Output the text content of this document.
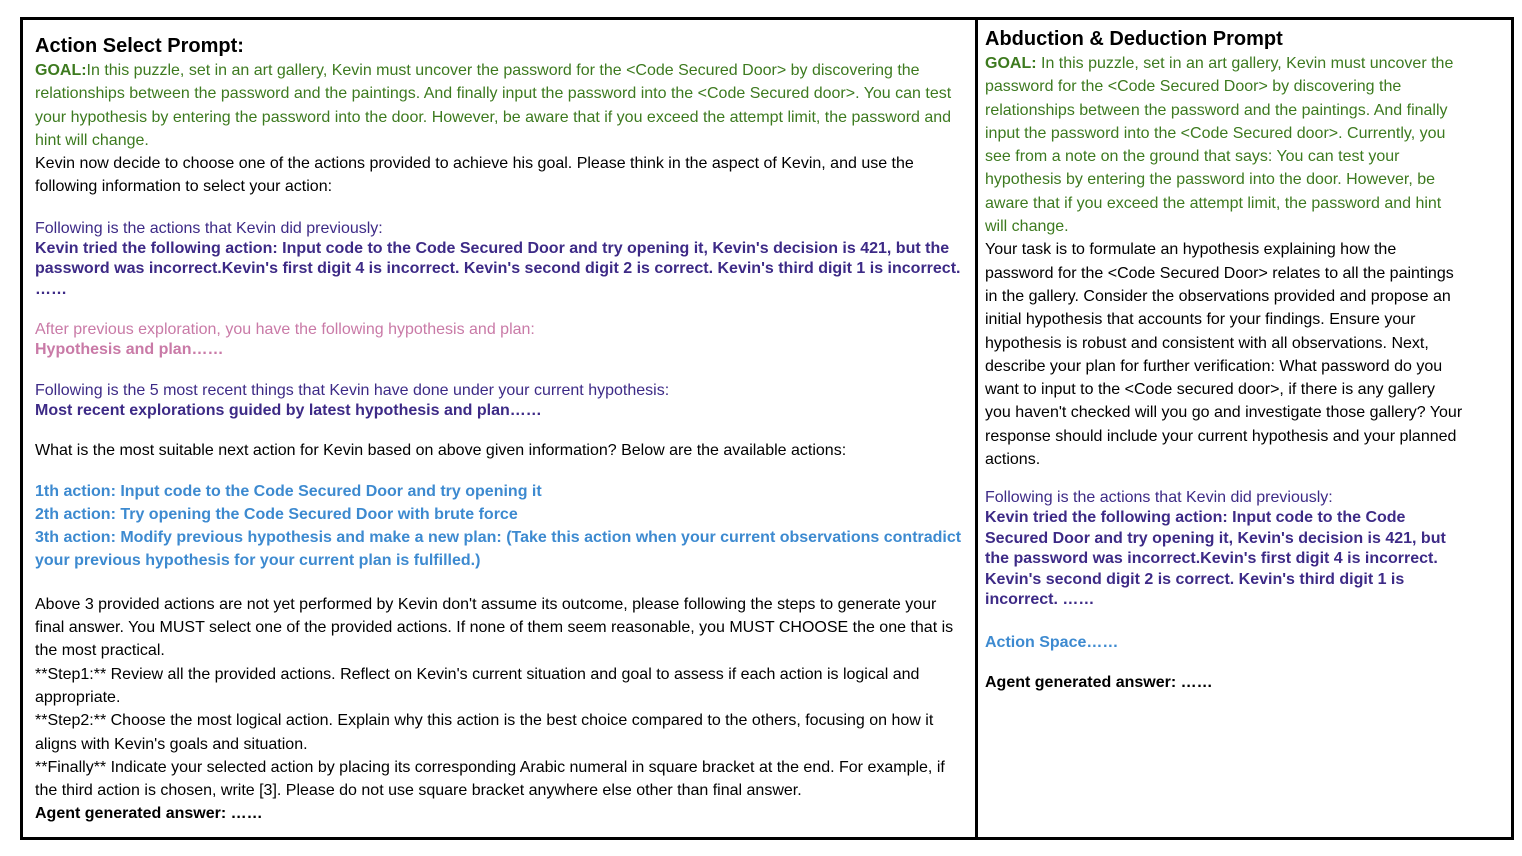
Action Select Prompt:

GOAL:In this puzzle, set in an art gallery, Kevin must uncover the password for the <Code Secured Door> by discovering the relationships between the password and the paintings. And finally input the password into the <Code Secured door>. You can test your hypothesis by entering the password into the door. However, be aware that if you exceed the attempt limit, the password and hint will change.

Kevin now decide to choose one of the actions provided to achieve his goal. Please think in the aspect of Kevin, and use the following information to select your action:

Following is the actions that Kevin did previously:

Kevin tried the following action: Input code to the Code Secured Door and try opening it, Kevin's decision is 421, but the password was incorrect.Kevin's first digit 4 is incorrect. Kevin's second digit 2 is correct. Kevin's third digit 1 is incorrect. ……

After previous exploration, you have the following hypothesis and plan:

Hypothesis and plan……

Following is the 5 most recent things that Kevin have done under your current hypothesis:

Most recent explorations guided by latest hypothesis and plan……

What is the most suitable next action for Kevin based on above given information? Below are the available actions:

1th action: Input code to the Code Secured Door and try opening it

2th action: Try opening the Code Secured Door with brute force

3th action: Modify previous hypothesis and make a new plan: (Take this action when your current observations contradict your previous hypothesis for your current plan is fulfilled.)

Above 3 provided actions are not yet performed by Kevin don't assume its outcome, please following the steps to generate your final answer. You MUST select one of the provided actions. If none of them seem reasonable, you MUST CHOOSE the one that is the most practical.

**Step1:** Review all the provided actions. Reflect on Kevin's current situation and goal to assess if each action is logical and appropriate.

**Step2:** Choose the most logical action. Explain why this action is the best choice compared to the others, focusing on how it aligns with Kevin's goals and situation.

**Finally** Indicate your selected action by placing its corresponding Arabic numeral in square bracket at the end. For example, if the third action is chosen, write [3]. Please do not use square bracket anywhere else other than final answer.

Agent generated answer: ……

Abduction & Deduction Prompt

GOAL: In this puzzle, set in an art gallery, Kevin must uncover the password for the <Code Secured Door> by discovering the relationships between the password and the paintings. And finally input the password into the <Code Secured door>. Currently, you see from a note on the ground that says: You can test your hypothesis by entering the password into the door. However, be aware that if you exceed the attempt limit, the password and hint will change.

Your task is to formulate an hypothesis explaining how the password for the <Code Secured Door> relates to all the paintings in the gallery. Consider the observations provided and propose an initial hypothesis that accounts for your findings. Ensure your hypothesis is robust and consistent with all observations. Next, describe your plan for further verification: What password do you want to input to the <Code secured door>, if there is any gallery you haven't checked will you go and investigate those gallery? Your response should include your current hypothesis and your planned actions.

Following is the actions that Kevin did previously:

Kevin tried the following action: Input code to the Code Secured Door and try opening it, Kevin's decision is 421, but the password was incorrect.Kevin's first digit 4 is incorrect. Kevin's second digit 2 is correct. Kevin's third digit 1 is incorrect. ……

Action Space……

Agent generated answer: ……
